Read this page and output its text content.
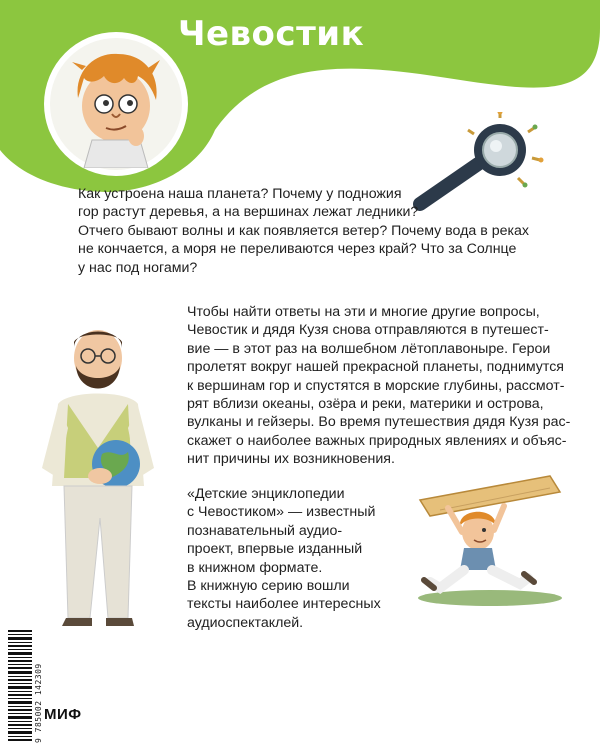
Чевостик
Как устроена наша планета? Почему у подножия
гор растут деревья, а на вершинах лежат ледники?
Отчего бывают волны и как появляется ветер? Почему вода в реках
не кончается, а моря не переливаются через край? Что за Солнце
у нас под ногами?
Чтобы найти ответы на эти и многие другие вопросы,
Чевостик и дядя Кузя снова отправляются в путешест-
вие — в этот раз на волшебном лётоплавоныре. Герои
пролетят вокруг нашей прекрасной планеты, поднимутся
к вершинам гор и спустятся в морские глубины, рассмот-
рят вблизи океаны, озёра и реки, материки и острова,
вулканы и гейзеры. Во время путешествия дядя Кузя рас-
скажет о наиболее важных природных явлениях и объяс-
нит причины их возникновения.
«Детские энциклопедии
с Чевостиком» — известный
познавательный аудио-
проект, впервые изданный
в книжном формате.
В книжную серию вошли
тексты наиболее интересных
аудиоспектаклей.
9 785002 142309 МИФ
